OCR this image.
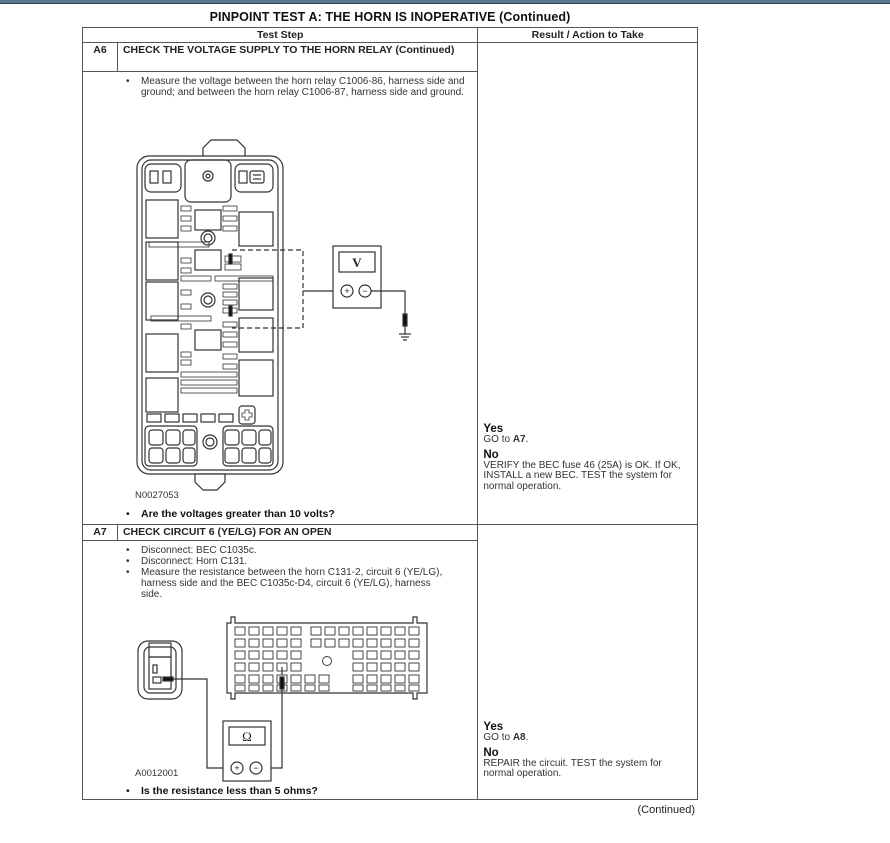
PINPOINT TEST A: THE HORN IS INOPERATIVE (Continued)
Test Step		Result / Action to Take
A6	CHECK THE VOLTAGE SUPPLY TO THE HORN RELAY (Continued)	Yes
GO to A7.
No
VERIFY the BEC fuse 46 (25A) is OK. If OK, INSTALL a new BEC. TEST the system for normal operation.

• Measure the voltage between the horn relay C1006-86, harness side and ground; and between the horn relay C1006-87, harness side and ground.
V
+ −
N0027053
• Are the voltages greater than 10 volts?

A7	CHECK CIRCUIT 6 (YE/LG) FOR AN OPEN	Yes
GO to A8.
No
REPAIR the circuit. TEST the system for normal operation.

• Disconnect: BEC C1035c.
• Disconnect: Horn C131.
• Measure the resistance between the horn C131-2, circuit 6 (YE/LG), harness side and the BEC C1035c-D4, circuit 6 (YE/LG), harness side.
Ω
+ −
A0012001
• Is the resistance less than 5 ohms?
(Continued)
